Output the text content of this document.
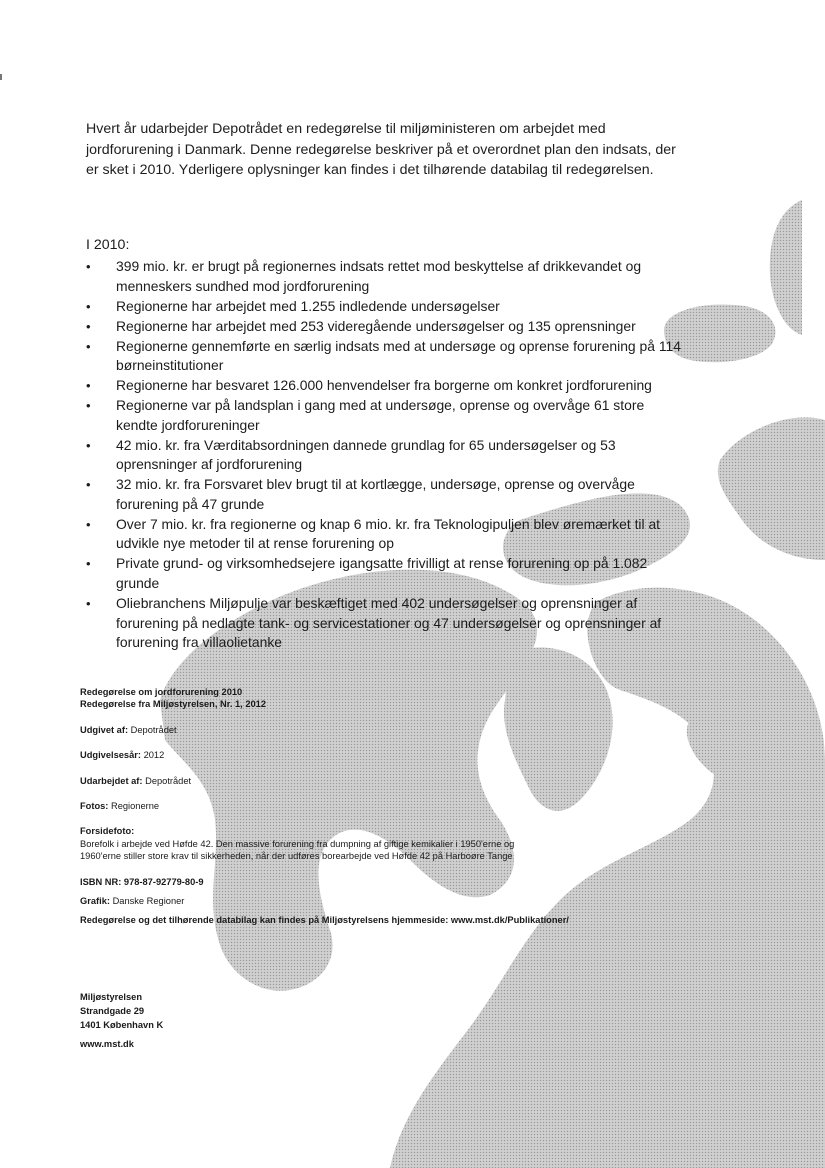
Hvert år udarbejder Depotrådet en redegørelse til miljøministeren om arbejdet med jordforurening i Danmark. Denne redegørelse beskriver på et overordnet plan den indsats, der er sket i 2010. Yderligere oplysninger kan findes i det tilhørende databilag til redegørelsen.

I 2010:

• 399 mio. kr. er brugt på regionernes indsats rettet mod beskyttelse af drikkevandet og menneskers sundhed mod jordforurening
• Regionerne har arbejdet med 1.255 indledende undersøgelser
• Regionerne har arbejdet med 253 videregående undersøgelser og 135 oprensninger
• Regionerne gennemførte en særlig indsats med at undersøge og oprense forurening på 114 børneinstitutioner
• Regionerne har besvaret 126.000 henvendelser fra borgerne om konkret jordforurening
• Regionerne var på landsplan i gang med at undersøge, oprense og overvåge 61 store kendte jordforureninger
• 42 mio. kr. fra Værditabsordningen dannede grundlag for 65 undersøgelser og 53 oprensninger af jordforurening
• 32 mio. kr. fra Forsvaret blev brugt til at kortlægge, undersøge, oprense og overvåge forurening på 47 grunde
• Over 7 mio. kr. fra regionerne og knap 6 mio. kr. fra Teknologipuljen blev øremærket til at udvikle nye metoder til at rense forurening op
• Private grund- og virksomhedsejere igangsatte frivilligt at rense forurening op på 1.082 grunde
• Oliebranchens Miljøpulje var beskæftiget med 402 undersøgelser og oprensninger af forurening på nedlagte tank- og servicestationer og 47 undersøgelser og oprensninger af forurening fra villaolietanke

Redegørelse om jordforurening 2010

Redegørelse fra Miljøstyrelsen, Nr. 1, 2012

Udgivet af: Depotrådet

Udgivelsesår: 2012

Udarbejdet af: Depotrådet

Fotos: Regionerne

Forsidefoto:

Borefolk i arbejde ved Høfde 42. Den massive forurening fra dumpning af giftige kemikalier i 1950'erne og

1960'erne stiller store krav til sikkerheden, når der udføres borearbejde ved Høfde 42 på Harboøre Tange

ISBN NR: 978-87-92779-80-9

Grafik: Danske Regioner

Redegørelse og det tilhørende databilag kan findes på Miljøstyrelsens hjemmeside: www.mst.dk/Publikationer/

Miljøstyrelsen

Strandgade 29

1401 København K

www.mst.dk
